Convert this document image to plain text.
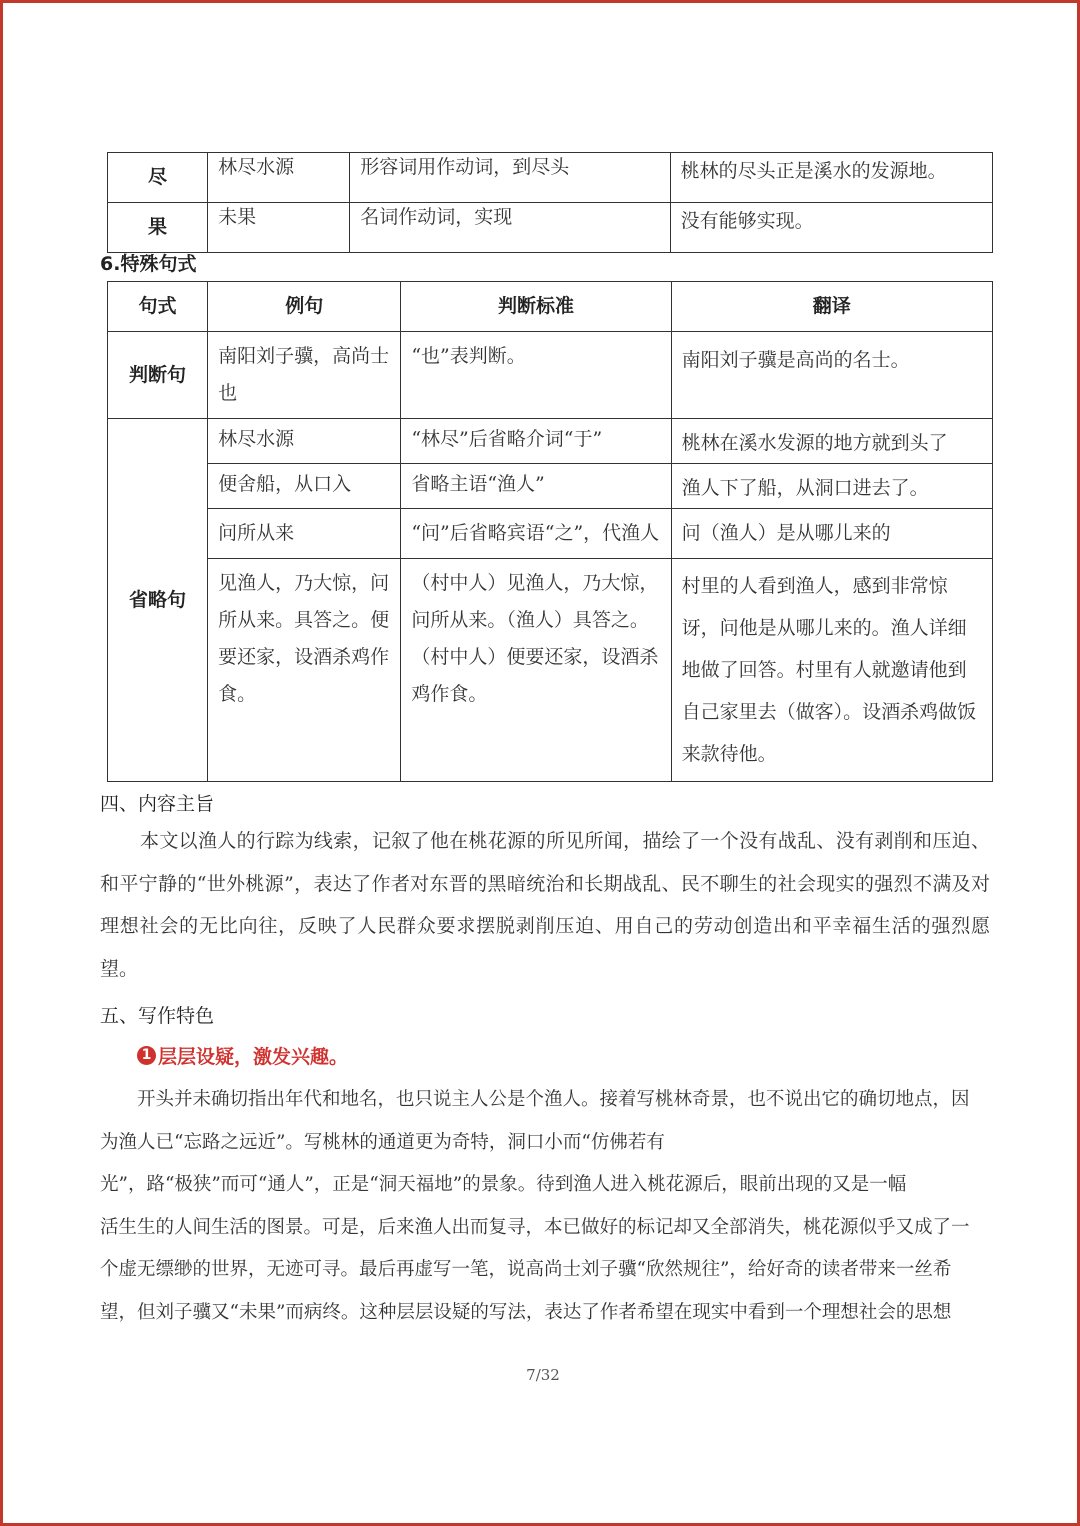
尽	林尽水源	形容词用作动词，到尽头	桃林的尽头正是溪水的发源地。
果	未果	名词作动词，实现	没有能够实现。
6.特殊句式
句式	例句	判断标准	翻译
判断句	南阳刘子骥，高尚士也	“也”表判断。	南阳刘子骥是高尚的名士。
省略句	林尽水源	“林尽”后省略介词“于”	桃林在溪水发源的地方就到头了
	便舍船，从口入	省略主语“渔人”	渔人下了船，从洞口进去了。
	问所从来	“问”后省略宾语“之”，代渔人	问（渔人）是从哪儿来的
	见渔人，乃大惊，问所从来。具答之。便要还家，设酒杀鸡作食。	（村中人）见渔人，乃大惊，问所从来。（渔人）具答之。（村中人）便要还家，设酒杀鸡作食。	村里的人看到渔人，感到非常惊讶，问他是从哪儿来的。渔人详细地做了回答。村里有人就邀请他到自己家里去（做客）。设酒杀鸡做饭来款待他。
四、内容主旨
本文以渔人的行踪为线索，记叙了他在桃花源的所见所闻，描绘了一个没有战乱、没有剥削和压迫、和平宁静的“世外桃源”，表达了作者对东晋的黑暗统治和长期战乱、民不聊生的社会现实的强烈不满及对理想社会的无比向往，反映了人民群众要求摆脱剥削压迫、用自己的劳动创造出和平幸福生活的强烈愿望。
五、写作特色
1 层层设疑，激发兴趣。
开头并未确切指出年代和地名，也只说主人公是个渔人。接着写桃林奇景，也不说出它的确切地点，因
为渔人已“忘路之远近”。写桃林的通道更为奇特，洞口小而“仿佛若有
光”，路“极狭”而可“通人”，正是“洞天福地”的景象。待到渔人进入桃花源后，眼前出现的又是一幅
活生生的人间生活的图景。可是，后来渔人出而复寻，本已做好的标记却又全部消失，桃花源似乎又成了一
个虚无缥缈的世界，无迹可寻。最后再虚写一笔，说高尚士刘子骥“欣然规往”，给好奇的读者带来一丝希
望，但刘子骥又“未果”而病终。这种层层设疑的写法，表达了作者希望在现实中看到一个理想社会的思想
7/32
